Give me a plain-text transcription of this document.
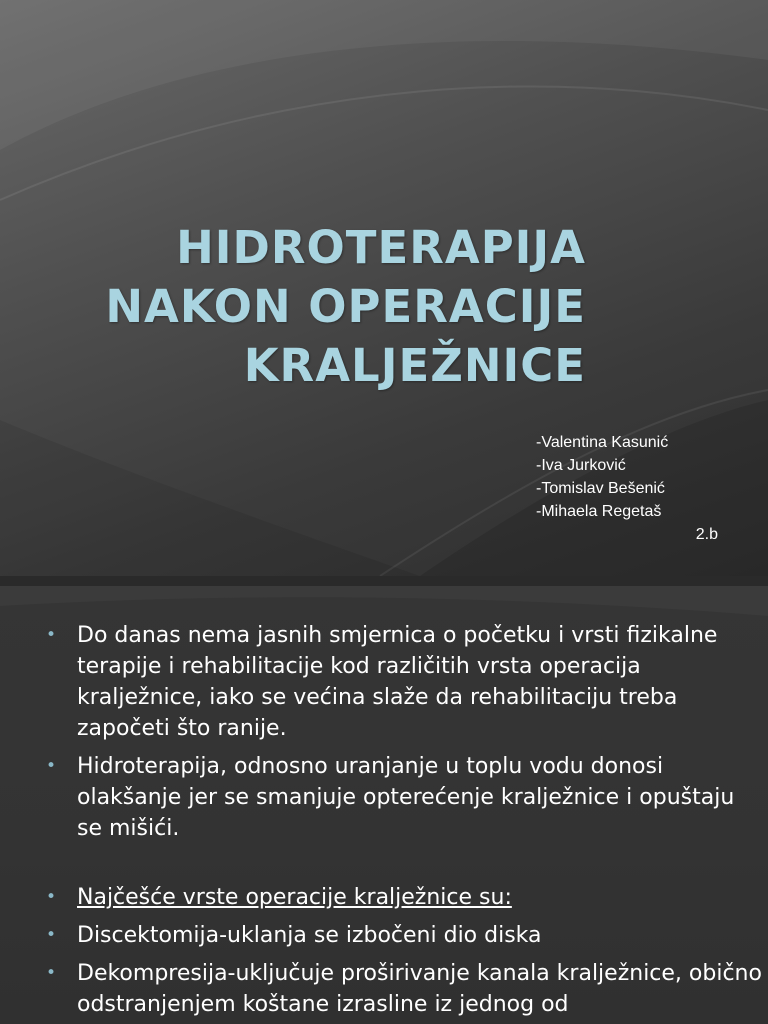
HIDROTERAPIJA
NAKON OPERACIJE
KRALJEŽNICE
-Valentina Kasunić
-Iva Jurković
-Tomislav Bešenić
-Mihaela Regetaš
2.b
• Do danas nema jasnih smjernica o početku i vrsti fizikalne terapije i rehabilitacije kod različitih vrsta operacija kralježnice, iako se većina slaže da rehabilitaciju treba započeti što ranije.
• Hidroterapija, odnosno uranjanje u toplu vodu donosi olakšanje jer se smanjuje opterećenje kralježnice i opuštaju se mišići.
• Najčešće vrste operacije kralježnice su:
• Discektomija-uklanja se izbočeni dio diska
• Dekompresija-uključuje proširivanje kanala kralježnice, obično odstranjenjem koštane izrasline iz jednog od
